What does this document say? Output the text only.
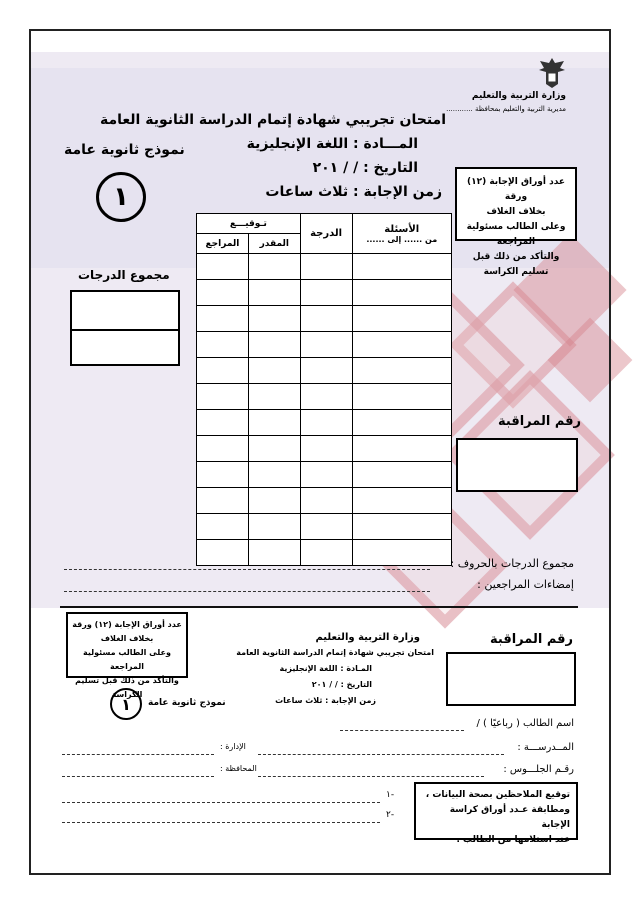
وزارة التربية والتعليم
مديرية التربية والتعليم بمحافظة ............
امتحان تجريبي شهادة إتمام الدراسة الثانوية العامة
المـــادة : اللغة الإنجليزية
التاريخ : / / ٢٠١
زمن الإجابة : ثلاث ساعات
نموذج ثانوية عامة
١	عدد أوراق الإجابة (١٢) ورقة
بخلاف الغلاف
وعلى الطالب مسئولية المراجعة
والتأكد من ذلك قبل تسليم الكراسة
الأسئلة
من ...... إلى ......	الدرجة	تـوقيـــع	
		المقدر	المراجع

مجموع الدرجات
رقم المراقبة
مجموع الدرجات بالحروف :
إمضاءات المراجعين :
رقم المراقبة
وزارة التربية والتعليم
امتحان تجريبي شهادة إتمام الدراسة الثانوية العامة
المـادة : اللغة الإنجليزية
التاريخ : / / ٢٠١
زمن الإجابة : ثلاث ساعات
عدد أوراق الإجابة (١٢) ورقة
بخلاف الغلاف
وعلى الطالب مسئولية المراجعة
والتأكد من ذلك قبل تسليم الكراسة
نموذج ثانوية عامة
١
اسم الطالب ( رباعيًا ) /
المــدرســـة :
الإدارة :
رقـم الجلـــوس :
المحافظة :
توقيع الملاحظين بصحة البيانات ،
ومطابقة عـدد أوراق كراسة الإجابة
عند استلامها من الطالب .
-١
-٢
